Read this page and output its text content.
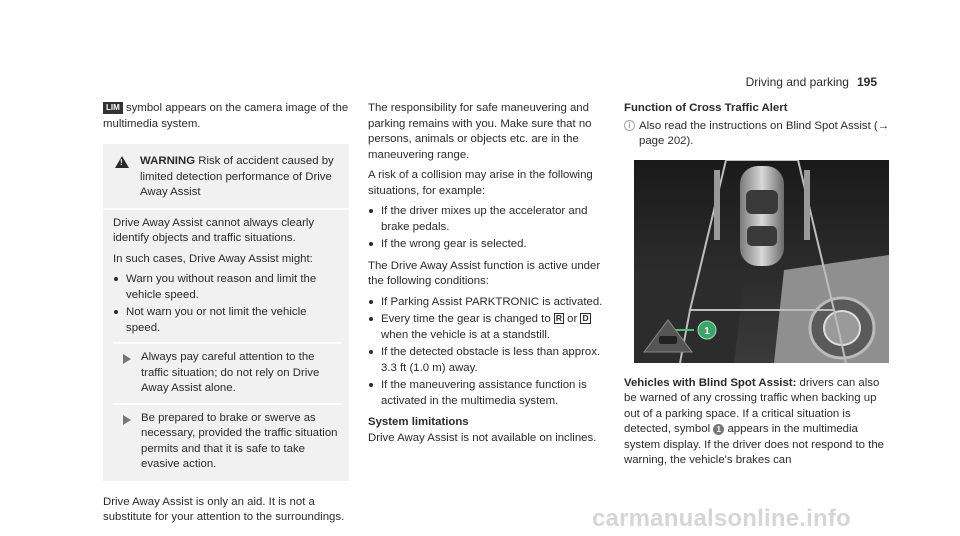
Driving and parking 195

LIM symbol appears on the camera image of the multimedia system.

!
WARNING Risk of accident caused by limited detection performance of Drive Away Assist

Drive Away Assist cannot always clearly identify objects and traffic situations.

In such cases, Drive Away Assist might:

Warn you without reason and limit the vehicle speed.
Not warn you or not limit the vehicle speed.
Always pay careful attention to the traffic situation; do not rely on Drive Away Assist alone.
Be prepared to brake or swerve as necessary, provided the traffic situation permits and that it is safe to take evasive action.

Drive Away Assist is only an aid. It is not a substitute for your attention to the surroundings.

The responsibility for safe maneuvering and parking remains with you. Make sure that no persons, animals or objects etc. are in the maneuvering range.

A risk of a collision may arise in the following situations, for example:

If the driver mixes up the accelerator and brake pedals.
If the wrong gear is selected.

The Drive Away Assist function is active under the following conditions:

If Parking Assist PARKTRONIC is activated.
Every time the gear is changed to R or D when the vehicle is at a standstill.
If the detected obstacle is less than approx. 3.3 ft (1.0 m) away.
If the maneuvering assistance function is activated in the multimedia system.

System limitations

Drive Away Assist is not available on inclines.

Function of Cross Traffic Alert

i Also read the instructions on Blind Spot Assist (→ page 202).
1

Vehicles with Blind Spot Assist: drivers can also be warned of any crossing traffic when backing up out of a parking space. If a critical situation is detected, symbol 1 appears in the multimedia system display. If the driver does not respond to the warning, the vehicle's brakes can

carmanualsonline.info
